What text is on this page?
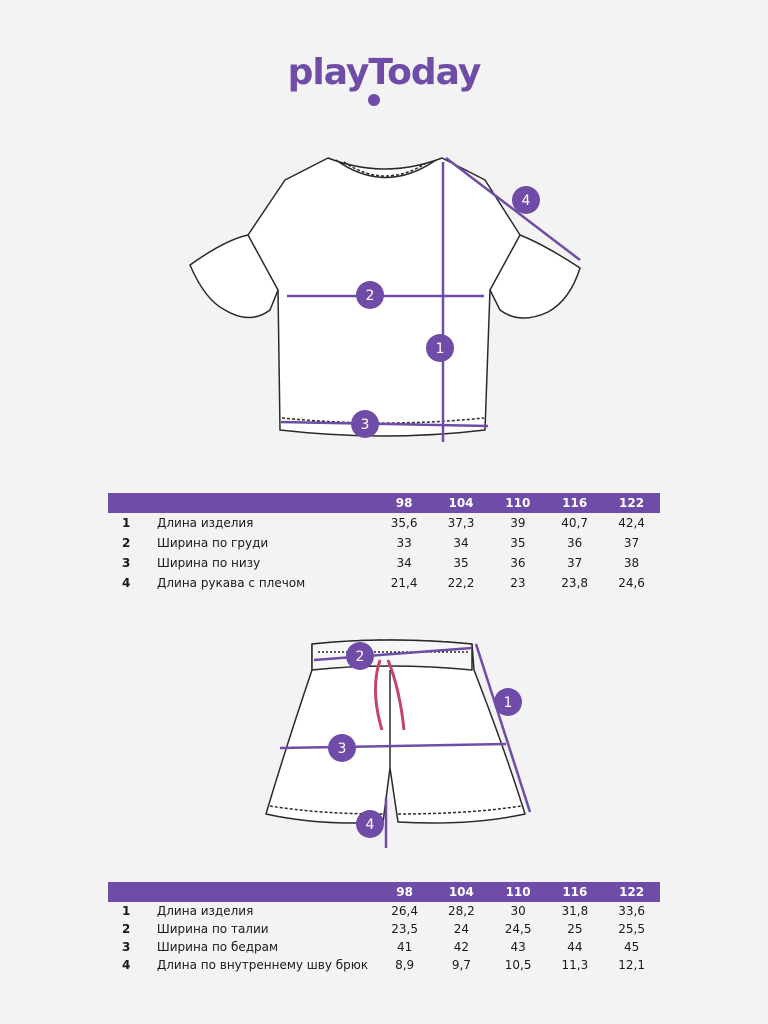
playToday
1
2
3
4
		98	104	110	116	122
1	Длина изделия	35,6	37,3	39	40,7	42,4
2	Ширина по груди	33	34	35	36	37
3	Ширина по низу	34	35	36	37	38
4	Длина рукава с плечом	21,4	22,2	23	23,8	24,6
1
2
3
4
		98	104	110	116	122
1	Длина изделия	26,4	28,2	30	31,8	33,6
2	Ширина по талии	23,5	24	24,5	25	25,5
3	Ширина по бедрам	41	42	43	44	45
4	Длина по внутреннему шву брюк	8,9	9,7	10,5	11,3	12,1
